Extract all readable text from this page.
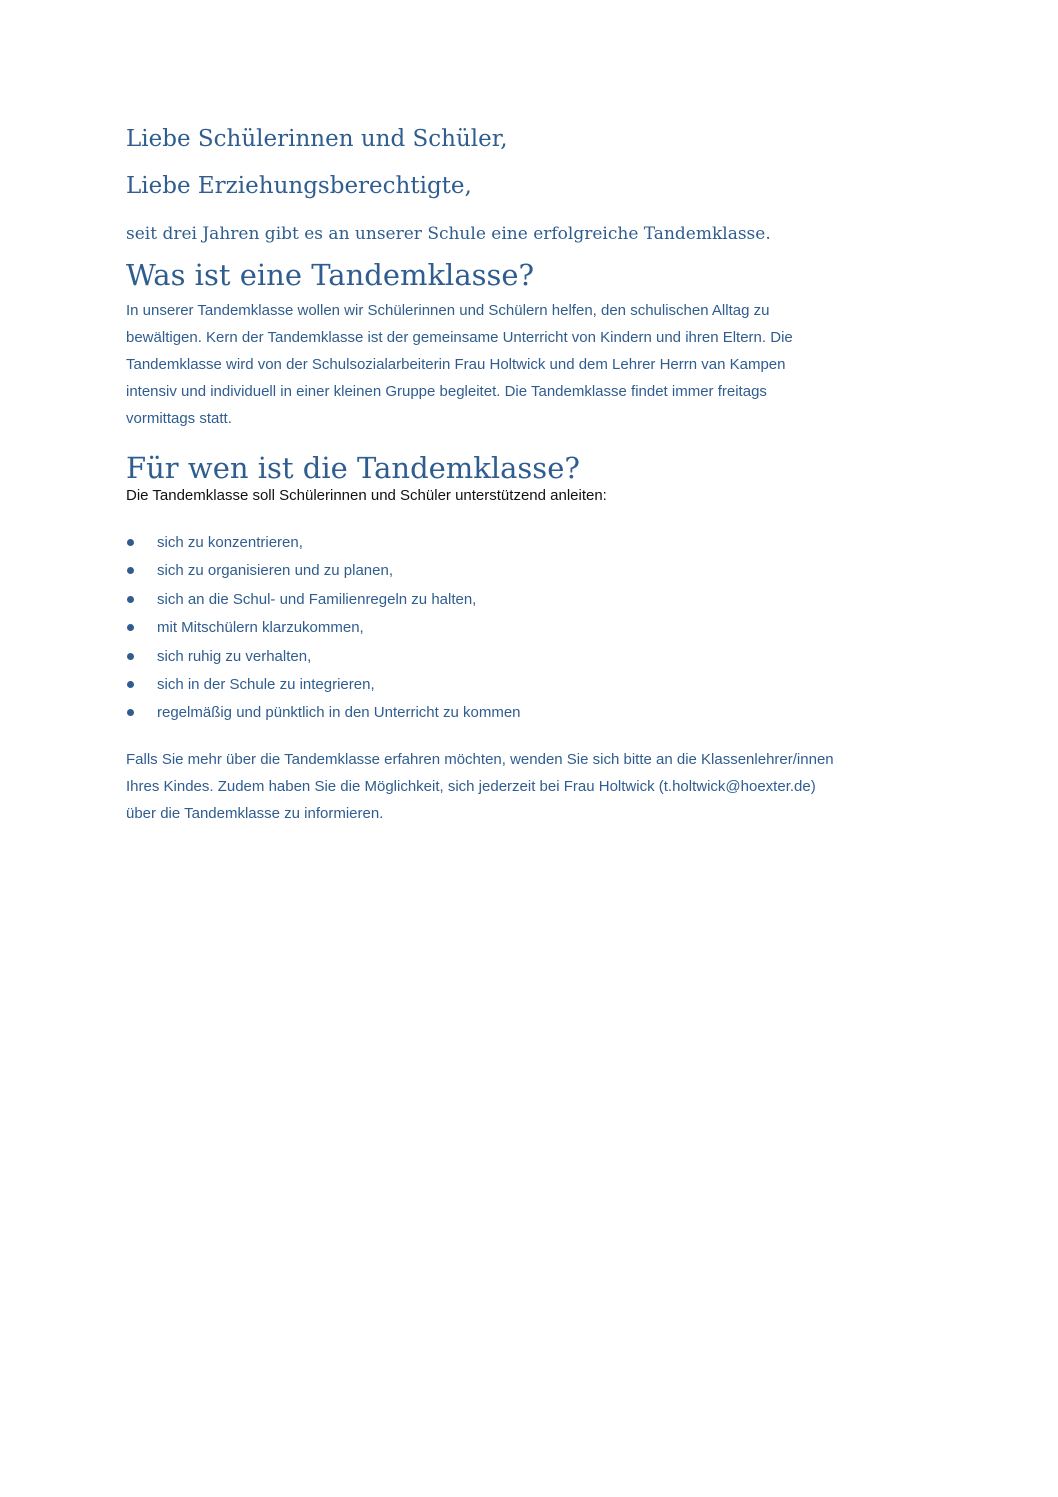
Liebe Schülerinnen und Schüler,
Liebe Erziehungsberechtigte,
seit drei Jahren gibt es an unserer Schule eine erfolgreiche Tandemklasse.
Was ist eine Tandemklasse?
In unserer Tandemklasse wollen wir Schülerinnen und Schülern helfen, den schulischen Alltag zu
bewältigen. Kern der Tandemklasse ist der gemeinsame Unterricht von Kindern und ihren Eltern. Die
Tandemklasse wird von der Schulsozialarbeiterin Frau Holtwick und dem Lehrer Herrn van Kampen
intensiv und individuell in einer kleinen Gruppe begleitet. Die Tandemklasse findet immer freitags
vormittags statt.
Für wen ist die Tandemklasse?
Die Tandemklasse soll Schülerinnen und Schüler unterstützend anleiten:
sich zu konzentrieren,
sich zu organisieren und zu planen,
sich an die Schul- und Familienregeln zu halten,
mit Mitschülern klarzukommen,
sich ruhig zu verhalten,
sich in der Schule zu integrieren,
regelmäßig und pünktlich in den Unterricht zu kommen
Falls Sie mehr über die Tandemklasse erfahren möchten, wenden Sie sich bitte an die Klassenlehrer/innen
Ihres Kindes. Zudem haben Sie die Möglichkeit, sich jederzeit bei Frau Holtwick (t.holtwick@hoexter.de)
über die Tandemklasse zu informieren.
